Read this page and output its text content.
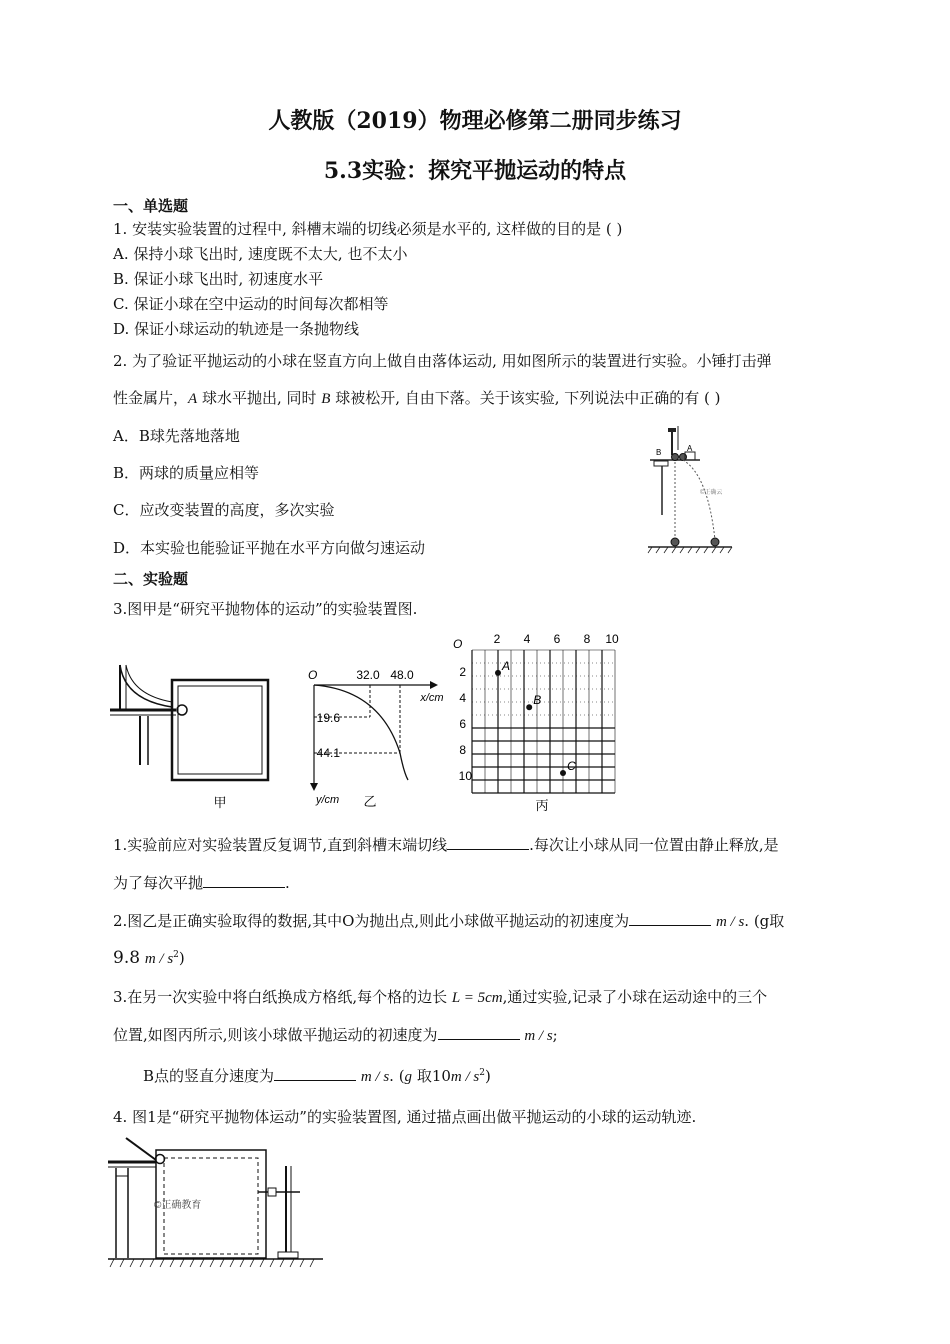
人教版（2019）物理必修第二册同步练习
5.3实验：探究平抛运动的特点
一、单选题
1. 安装实验装置的过程中, 斜槽末端的切线必须是水平的, 这样做的目的是 ( )
A. 保持小球飞出时, 速度既不太大, 也不太小
B. 保证小球飞出时, 初速度水平
C. 保证小球在空中运动的时间每次都相等
D. 保证小球运动的轨迹是一条抛物线
2. 为了验证平抛运动的小球在竖直方向上做自由落体运动, 用如图所示的装置进行实验。小锤打击弹
性金属片，A 球水平抛出, 同时 B 球被松开, 自由下落。关于该实验, 下列说法中正确的有 ( )
A．B球先落地落地
B．两球的质量应相等
C．应改变装置的高度，多次实验
D．本实验也能验证平抛在水平方向做匀速运动
B	A
©正确云
二、实验题
3.图甲是“研究平抛物体的运动”的实验装置图.
甲
O	32.0 48.0
x/cm
19.6
44.1
y/cm 乙
O	2 4 6 8 10
2
4
6
8
10
A
B
C
丙
1.实验前应对实验装置反复调节,直到斜槽末端切线	.每次让小球从同一位置由静止释放,是
为了每次平抛	.
2.图乙是正确实验取得的数据,其中O为抛出点,则此小球做平抛运动的初速度为	m / s. (g取
9.8 m / $s^2$)
3.在另一次实验中将白纸换成方格纸,每个格的边长 L = 5cm,通过实验,记录了小球在运动途中的三个
位置,如图丙所示,则该小球做平抛运动的初速度为	m / s;
B点的竖直分速度为	m / s. (g 取$10m / s^2$)
4. 图1是“研究平抛物体运动”的实验装置图, 通过描点画出做平抛运动的小球的运动轨迹.
©正确教育
